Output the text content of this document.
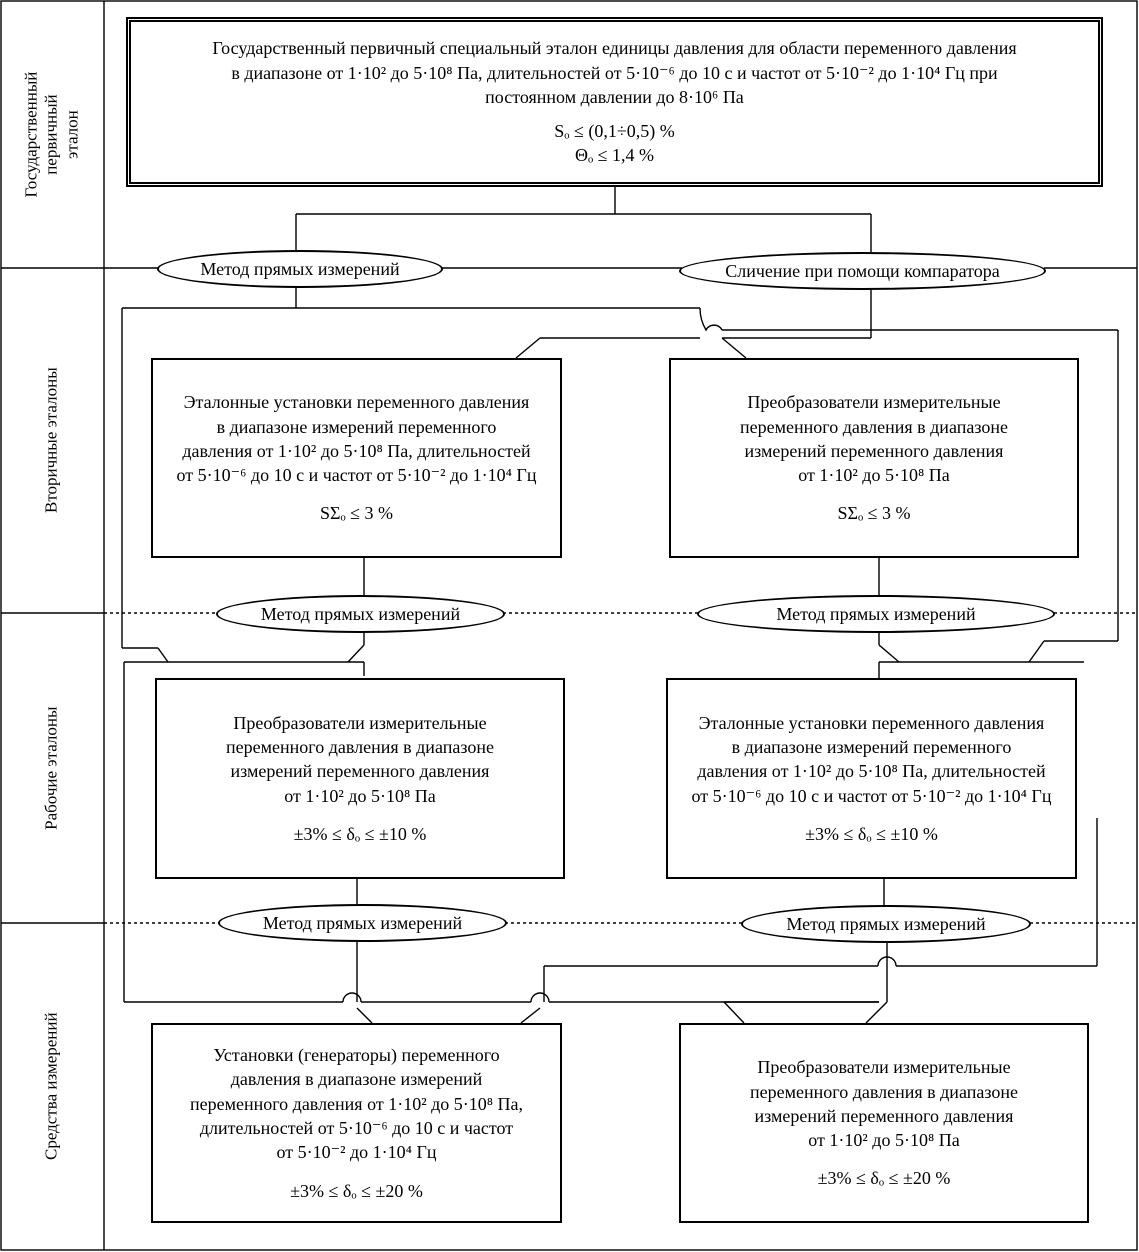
Государственный первичный
эталон
Вторичные эталоны
Рабочие эталоны
Средства измерений
Государственный первичный специальный эталон единицы давления для области переменного давления
в диапазоне от 1·10² до 5·10⁸ Па, длительностей от 5·10⁻⁶ до 10 с и частот от 5·10⁻² до 1·10⁴ Гц при
постоянном давлении до 8·10⁶ Па
Sₒ ≤ (0,1÷0,5) %
Θₒ ≤ 1,4 %
Метод прямых измерений	Сличение при помощи компаратора
Метод прямых измерений	Метод прямых измерений
Метод прямых измерений	Метод прямых измерений
Эталонные установки переменного давления
в диапазоне измерений переменного
давления от 1·10² до 5·10⁸ Па, длительностей
от 5·10⁻⁶ до 10 с и частот от 5·10⁻² до 1·10⁴ Гц
SΣₒ ≤ 3 %
Преобразователи измерительные
переменного давления в диапазоне
измерений переменного давления
от 1·10² до 5·10⁸ Па
SΣₒ ≤ 3 %
Преобразователи измерительные
переменного давления в диапазоне
измерений переменного давления
от 1·10² до 5·10⁸ Па
±3% ≤ δₒ ≤ ±10 %
Эталонные установки переменного давления
в диапазоне измерений переменного
давления от 1·10² до 5·10⁸ Па, длительностей
от 5·10⁻⁶ до 10 с и частот от 5·10⁻² до 1·10⁴ Гц
±3% ≤ δₒ ≤ ±10 %
Установки (генераторы) переменного
давления в диапазоне измерений
переменного давления от 1·10² до 5·10⁸ Па,
длительностей от 5·10⁻⁶ до 10 с и частот
от 5·10⁻² до 1·10⁴ Гц
±3% ≤ δₒ ≤ ±20 %
Преобразователи измерительные
переменного давления в диапазоне
измерений переменного давления
от 1·10² до 5·10⁸ Па
±3% ≤ δₒ ≤ ±20 %
